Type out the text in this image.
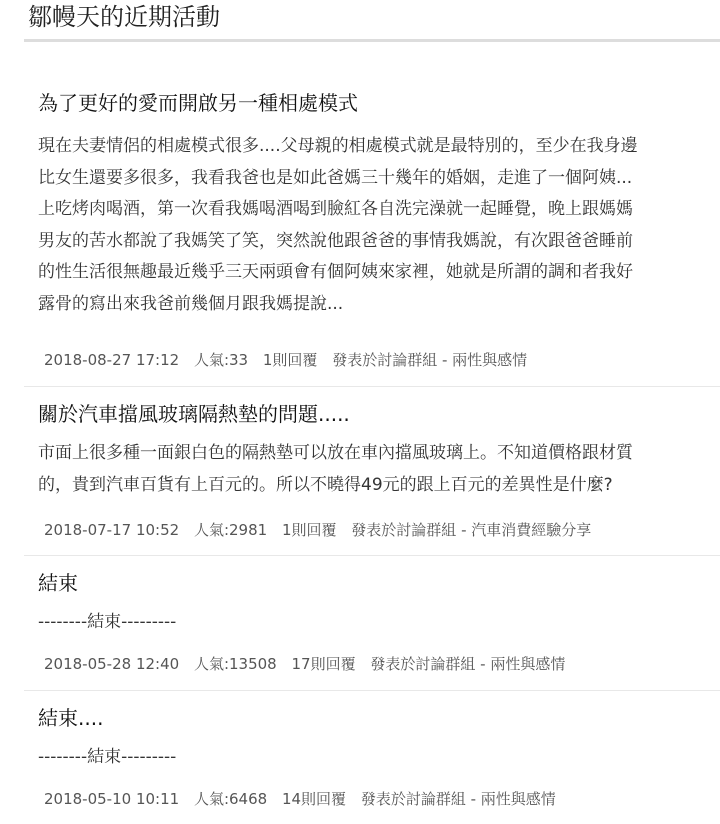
鄒幔天的近期活動
為了更好的愛而開啟另一種相處模式
現在夫妻情侶的相處模式很多....父母親的相處模式就是最特別的，至少在我身邊
比女生還要多很多，我看我爸也是如此爸媽三十幾年的婚姻，走進了一個阿姨...
上吃烤肉喝酒，第一次看我媽喝酒喝到臉紅各自洗完澡就一起睡覺，晚上跟媽媽
男友的苦水都說了我媽笑了笑，突然說他跟爸爸的事情我媽說，有次跟爸爸睡前
的性生活很無趣最近幾乎三天兩頭會有個阿姨來家裡，她就是所謂的調和者我好
露骨的寫出來我爸前幾個月跟我媽提說...
2018-08-27 17:12 人氣:33 1則回覆 發表於討論群組 - 兩性與感情
關於汽車擋風玻璃隔熱墊的問題.....
市面上很多種一面銀白色的隔熱墊可以放在車內擋風玻璃上。不知道價格跟材質
的，貴到汽車百貨有上百元的。所以不曉得49元的跟上百元的差異性是什麼?
2018-07-17 10:52 人氣:2981 1則回覆 發表於討論群組 - 汽車消費經驗分享
結束
--------結束---------
2018-05-28 12:40 人氣:13508 17則回覆 發表於討論群組 - 兩性與感情
結束....
--------結束---------
2018-05-10 10:11 人氣:6468 14則回覆 發表於討論群組 - 兩性與感情
